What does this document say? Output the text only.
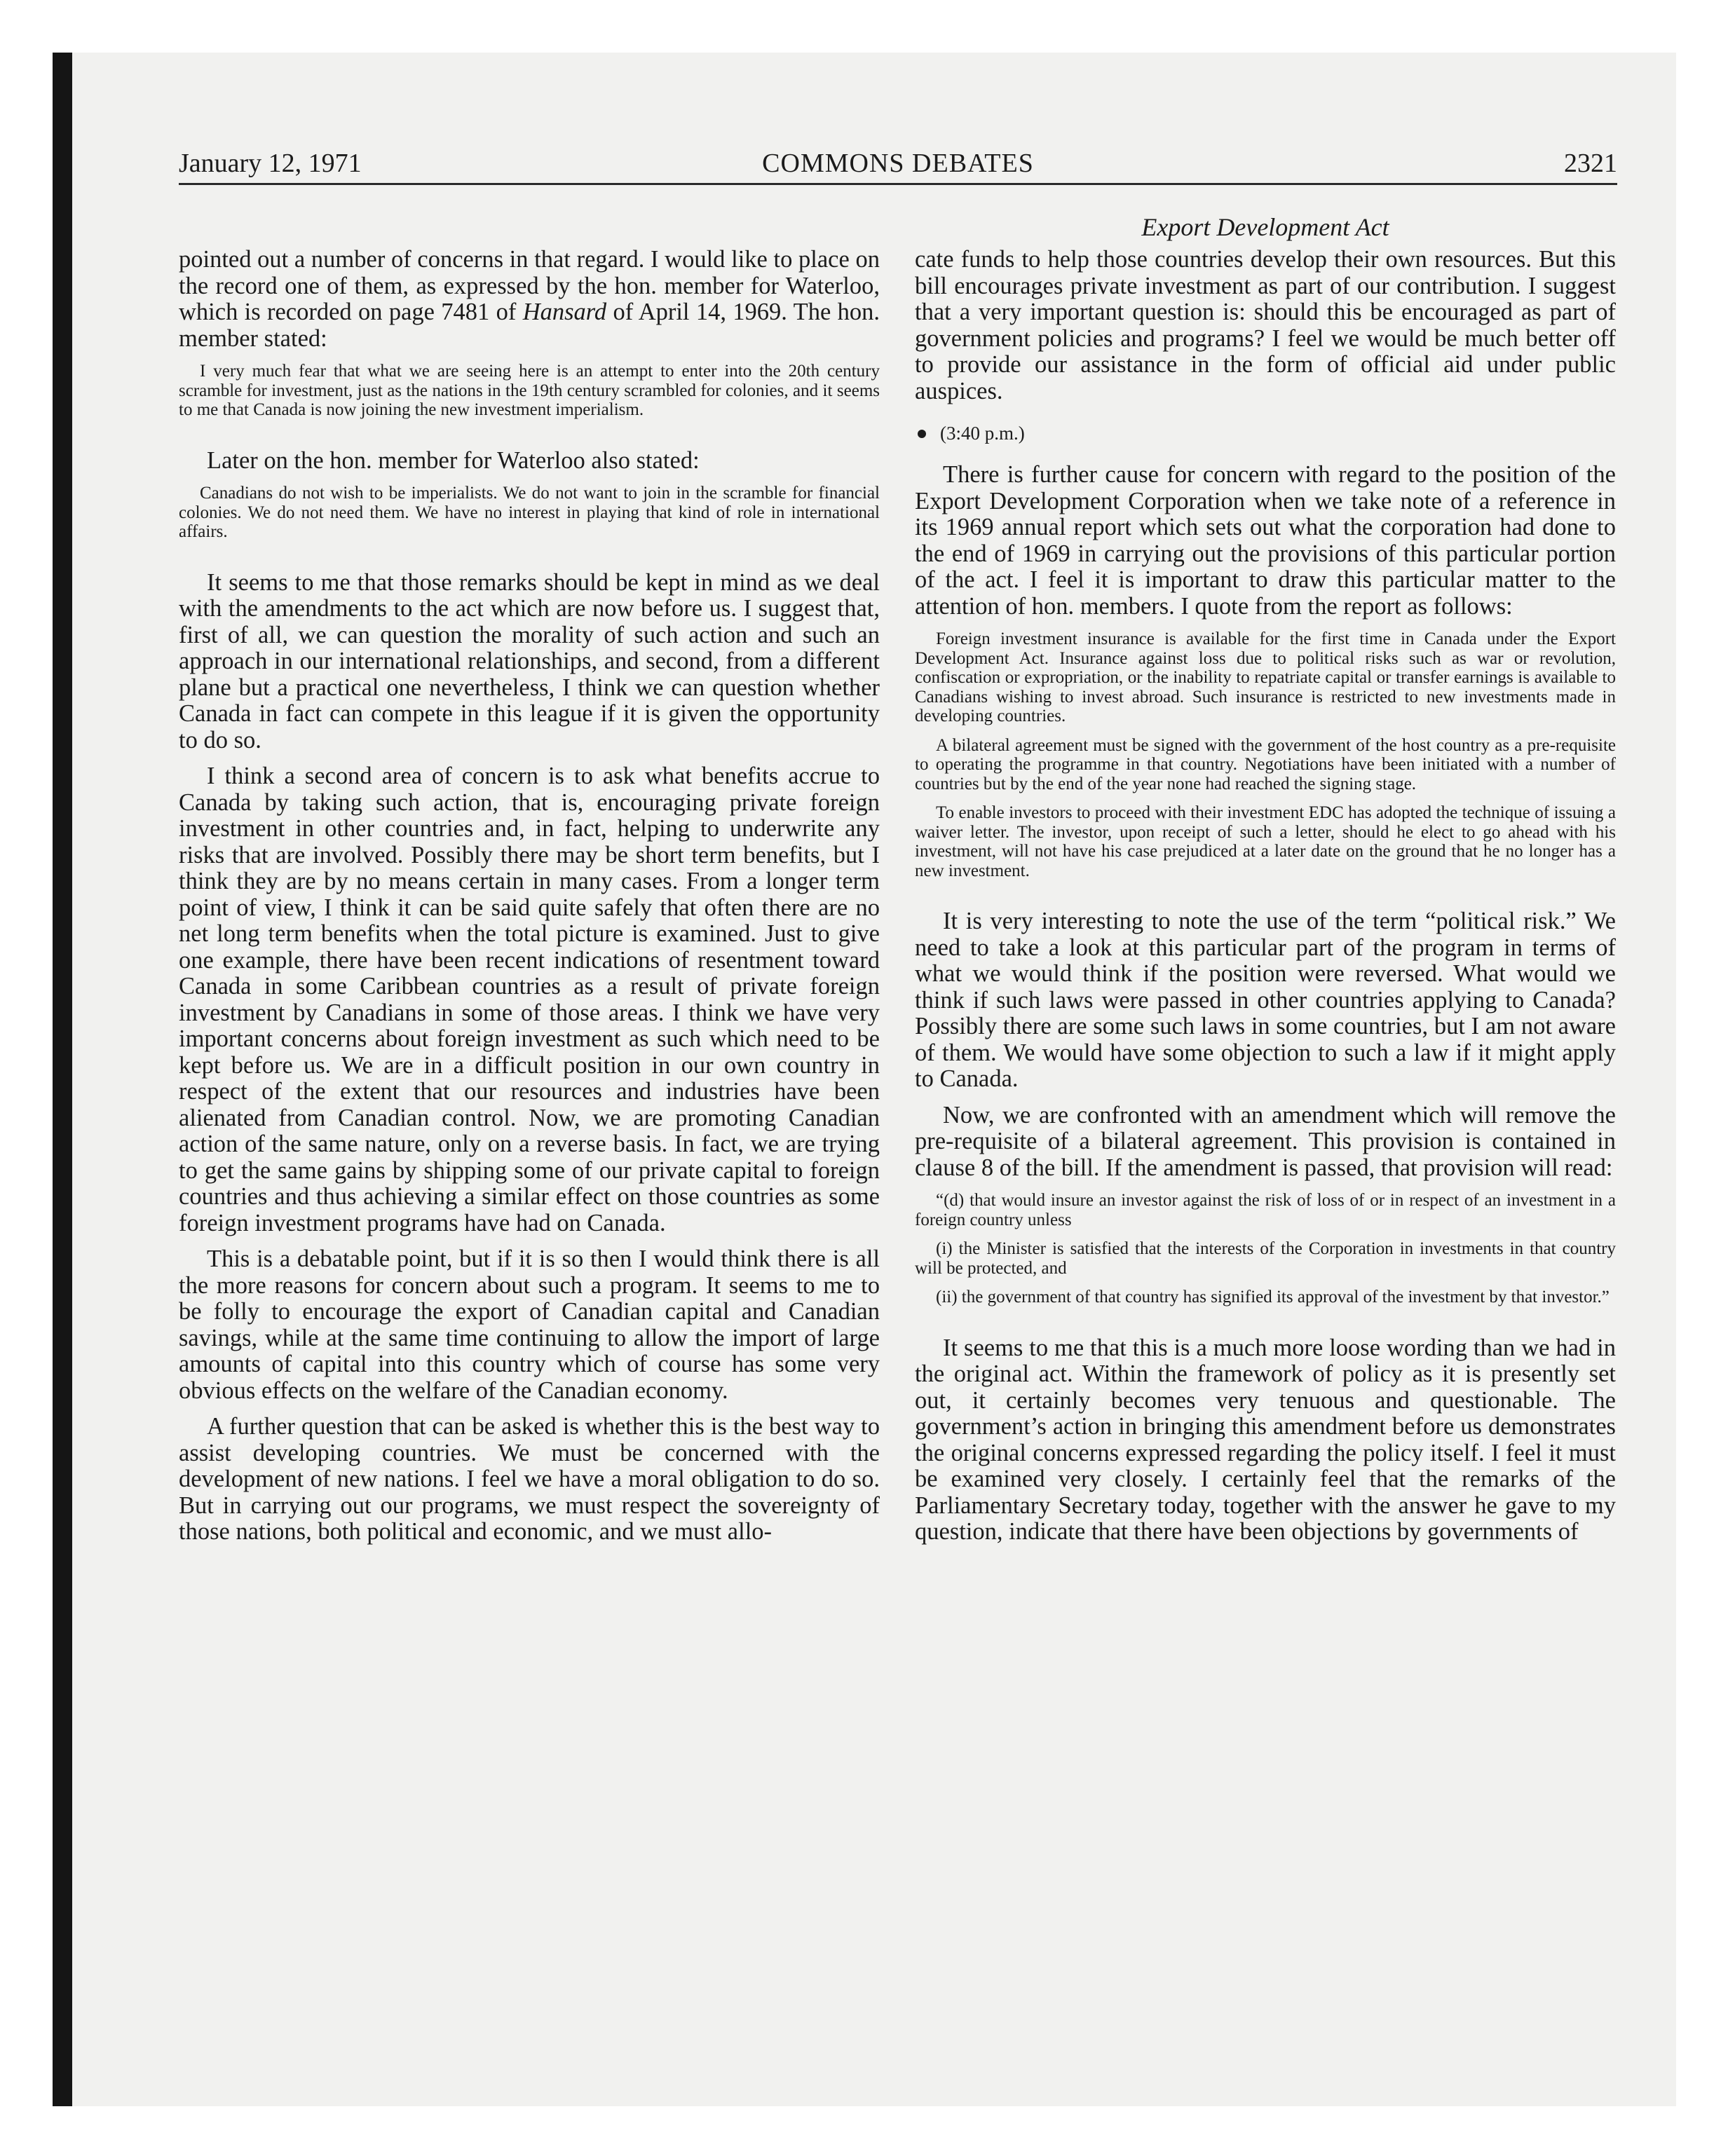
January 12, 1971	COMMONS DEBATES	2321

pointed out a number of concerns in that regard. I would like to place on the record one of them, as expressed by the hon. member for Waterloo, which is recorded on page 7481 of Hansard of April 14, 1969. The hon. member stated:

I very much fear that what we are seeing here is an attempt to enter into the 20th century scramble for investment, just as the nations in the 19th century scrambled for colonies, and it seems to me that Canada is now joining the new investment imperialism.

Later on the hon. member for Waterloo also stated:

Canadians do not wish to be imperialists. We do not want to join in the scramble for financial colonies. We do not need them. We have no interest in playing that kind of role in international affairs.

It seems to me that those remarks should be kept in mind as we deal with the amendments to the act which are now before us. I suggest that, first of all, we can question the morality of such action and such an approach in our international relationships, and second, from a different plane but a practical one nevertheless, I think we can question whether Canada in fact can compete in this league if it is given the opportunity to do so.

I think a second area of concern is to ask what benefits accrue to Canada by taking such action, that is, encouraging private foreign investment in other countries and, in fact, helping to underwrite any risks that are involved. Possibly there may be short term benefits, but I think they are by no means certain in many cases. From a longer term point of view, I think it can be said quite safely that often there are no net long term benefits when the total picture is examined. Just to give one example, there have been recent indications of resentment toward Canada in some Caribbean countries as a result of private foreign investment by Canadians in some of those areas. I think we have very important concerns about foreign investment as such which need to be kept before us. We are in a difficult position in our own country in respect of the extent that our resources and industries have been alienated from Canadian control. Now, we are promoting Canadian action of the same nature, only on a reverse basis. In fact, we are trying to get the same gains by shipping some of our private capital to foreign countries and thus achieving a similar effect on those countries as some foreign investment programs have had on Canada.

This is a debatable point, but if it is so then I would think there is all the more reasons for concern about such a program. It seems to me to be folly to encourage the export of Canadian capital and Canadian savings, while at the same time continuing to allow the import of large amounts of capital into this country which of course has some very obvious effects on the welfare of the Canadian economy.

A further question that can be asked is whether this is the best way to assist developing countries. We must be concerned with the development of new nations. I feel we have a moral obligation to do so. But in carrying out our programs, we must respect the sovereignty of those nations, both political and economic, and we must allo-

Export Development Act

cate funds to help those countries develop their own resources. But this bill encourages private investment as part of our contribution. I suggest that a very important question is: should this be encouraged as part of government policies and programs? I feel we would be much better off to provide our assistance in the form of official aid under public auspices.

(3:40 p.m.)

There is further cause for concern with regard to the position of the Export Development Corporation when we take note of a reference in its 1969 annual report which sets out what the corporation had done to the end of 1969 in carrying out the provisions of this particular portion of the act. I feel it is important to draw this particular matter to the attention of hon. members. I quote from the report as follows:

Foreign investment insurance is available for the first time in Canada under the Export Development Act. Insurance against loss due to political risks such as war or revolution, confiscation or expropriation, or the inability to repatriate capital or transfer earnings is available to Canadians wishing to invest abroad. Such insurance is restricted to new investments made in developing countries.

A bilateral agreement must be signed with the government of the host country as a pre-requisite to operating the programme in that country. Negotiations have been initiated with a number of countries but by the end of the year none had reached the signing stage.

To enable investors to proceed with their investment EDC has adopted the technique of issuing a waiver letter. The investor, upon receipt of such a letter, should he elect to go ahead with his investment, will not have his case prejudiced at a later date on the ground that he no longer has a new investment.

It is very interesting to note the use of the term “political risk.” We need to take a look at this particular part of the program in terms of what we would think if the position were reversed. What would we think if such laws were passed in other countries applying to Canada? Possibly there are some such laws in some countries, but I am not aware of them. We would have some objection to such a law if it might apply to Canada.

Now, we are confronted with an amendment which will remove the pre-requisite of a bilateral agreement. This provision is contained in clause 8 of the bill. If the amendment is passed, that provision will read:

“(d) that would insure an investor against the risk of loss of or in respect of an investment in a foreign country unless

(i) the Minister is satisfied that the interests of the Corporation in investments in that country will be protected, and

(ii) the government of that country has signified its approval of the investment by that investor.”

It seems to me that this is a much more loose wording than we had in the original act. Within the framework of policy as it is presently set out, it certainly becomes very tenuous and questionable. The government’s action in bringing this amendment before us demonstrates the original concerns expressed regarding the policy itself. I feel it must be examined very closely. I certainly feel that the remarks of the Parliamentary Secretary today, together with the answer he gave to my question, indicate that there have been objections by governments of
